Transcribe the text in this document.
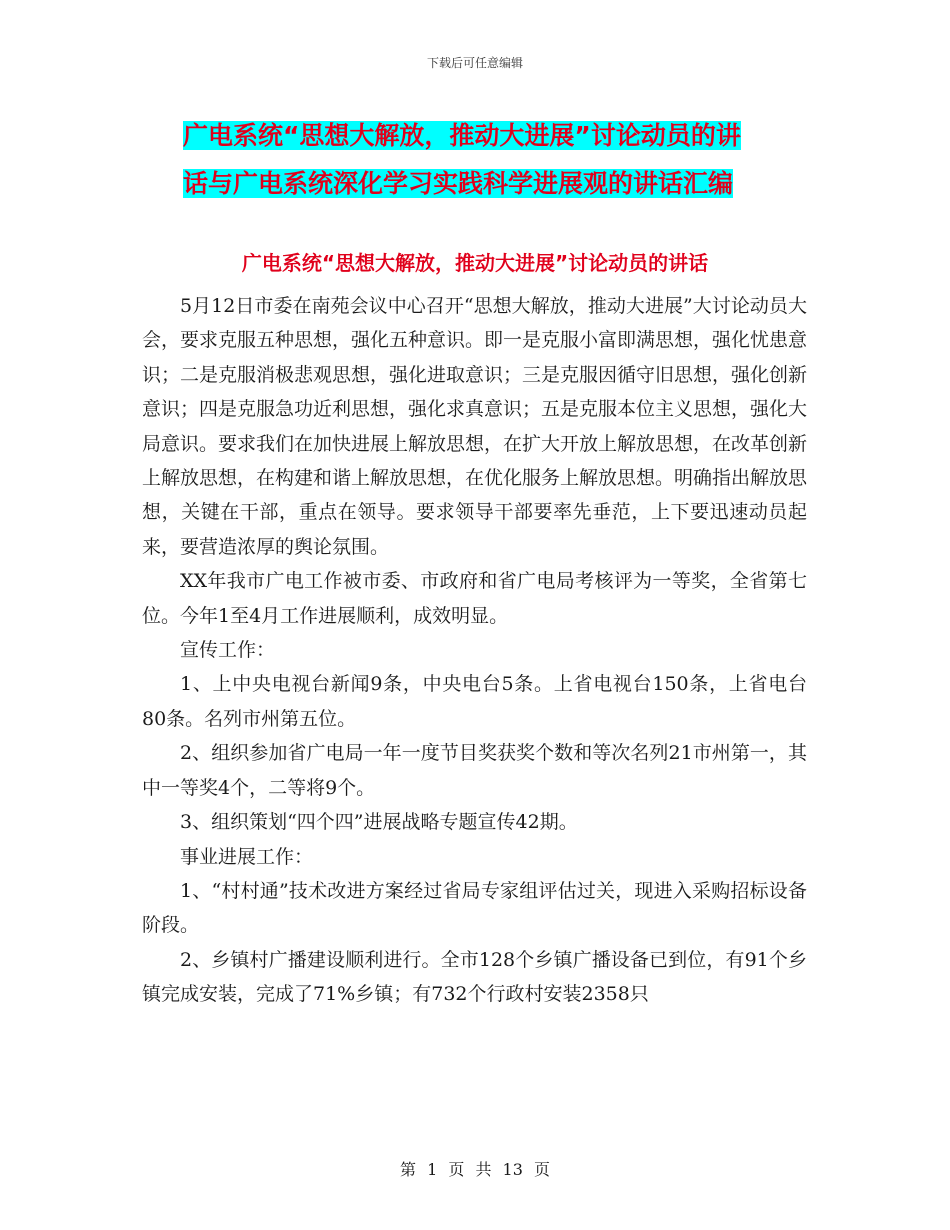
下载后可任意编辑
广电系统“思想大解放，推动大进展”讨论动员的讲
话与广电系统深化学习实践科学进展观的讲话汇编
广电系统“思想大解放，推动大进展”讨论动员的讲话

5月12日市委在南苑会议中心召开“思想大解放，推动大进展”大讨论动员大会，要求克服五种思想，强化五种意识。即一是克服小富即满思想，强化忧患意识；二是克服消极悲观思想，强化进取意识；三是克服因循守旧思想，强化创新意识；四是克服急功近利思想，强化求真意识；五是克服本位主义思想，强化大局意识。要求我们在加快进展上解放思想，在扩大开放上解放思想，在改革创新上解放思想，在构建和谐上解放思想，在优化服务上解放思想。明确指出解放思想，关键在干部，重点在领导。要求领导干部要率先垂范，上下要迅速动员起来，要营造浓厚的舆论氛围。

XX年我市广电工作被市委、市政府和省广电局考核评为一等奖，全省第七位。今年1至4月工作进展顺利，成效明显。

宣传工作：

1、上中央电视台新闻9条，中央电台5条。上省电视台150条，上省电台80条。名列市州第五位。

2、组织参加省广电局一年一度节目奖获奖个数和等次名列21市州第一，其中一等奖4个，二等将9个。

3、组织策划“四个四”进展战略专题宣传42期。

事业进展工作：

1、“村村通”技术改进方案经过省局专家组评估过关，现进入采购招标设备阶段。

2、乡镇村广播建设顺利进行。全市128个乡镇广播设备已到位，有91个乡镇完成安装，完成了71%乡镇；有732个行政村安装2358只

第 1 页 共 13 页
